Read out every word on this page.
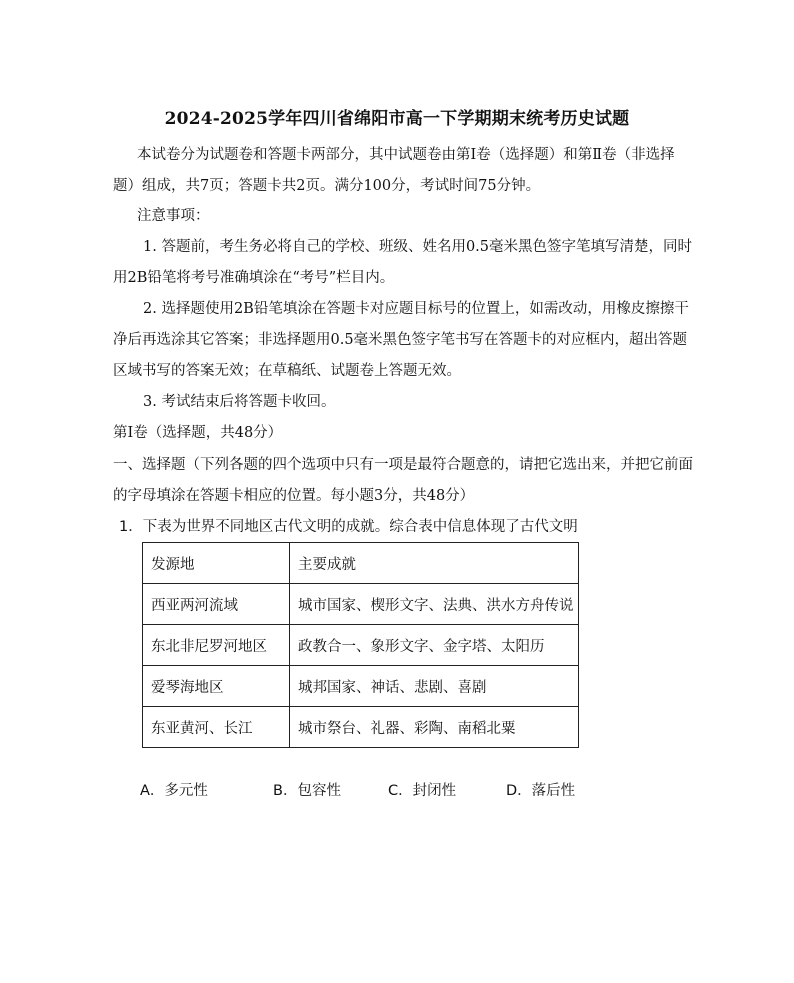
2024-2025学年四川省绵阳市高一下学期期末统考历史试题
本试卷分为试题卷和答题卡两部分，其中试题卷由第Ⅰ卷（选择题）和第Ⅱ卷（非选择
题）组成，共7页；答题卡共2页。满分100分，考试时间75分钟。
注意事项：
1. 答题前，考生务必将自己的学校、班级、姓名用0.5毫米黑色签字笔填写清楚，同时
用2B铅笔将考号准确填涂在“考号”栏目内。
2. 选择题使用2B铅笔填涂在答题卡对应题目标号的位置上，如需改动，用橡皮擦擦干
净后再选涂其它答案；非选择题用0.5毫米黑色签字笔书写在答题卡的对应框内，超出答题
区域书写的答案无效；在草稿纸、试题卷上答题无效。
3. 考试结束后将答题卡收回。
第Ⅰ卷（选择题，共48分）
一、选择题（下列各题的四个选项中只有一项是最符合题意的，请把它选出来，并把它前面
的字母填涂在答题卡相应的位置。每小题3分，共48分）
1．下表为世界不同地区古代文明的成就。综合表中信息体现了古代文明
发源地	主要成就
西亚两河流域	城市国家、楔形文字、法典、洪水方舟传说
东北非尼罗河地区	政教合一、象形文字、金字塔、太阳历
爱琴海地区	城邦国家、神话、悲剧、喜剧
东亚黄河、长江	城市祭台、礼器、彩陶、南稻北粟
A．多元性	B．包容性	C．封闭性	D．落后性
